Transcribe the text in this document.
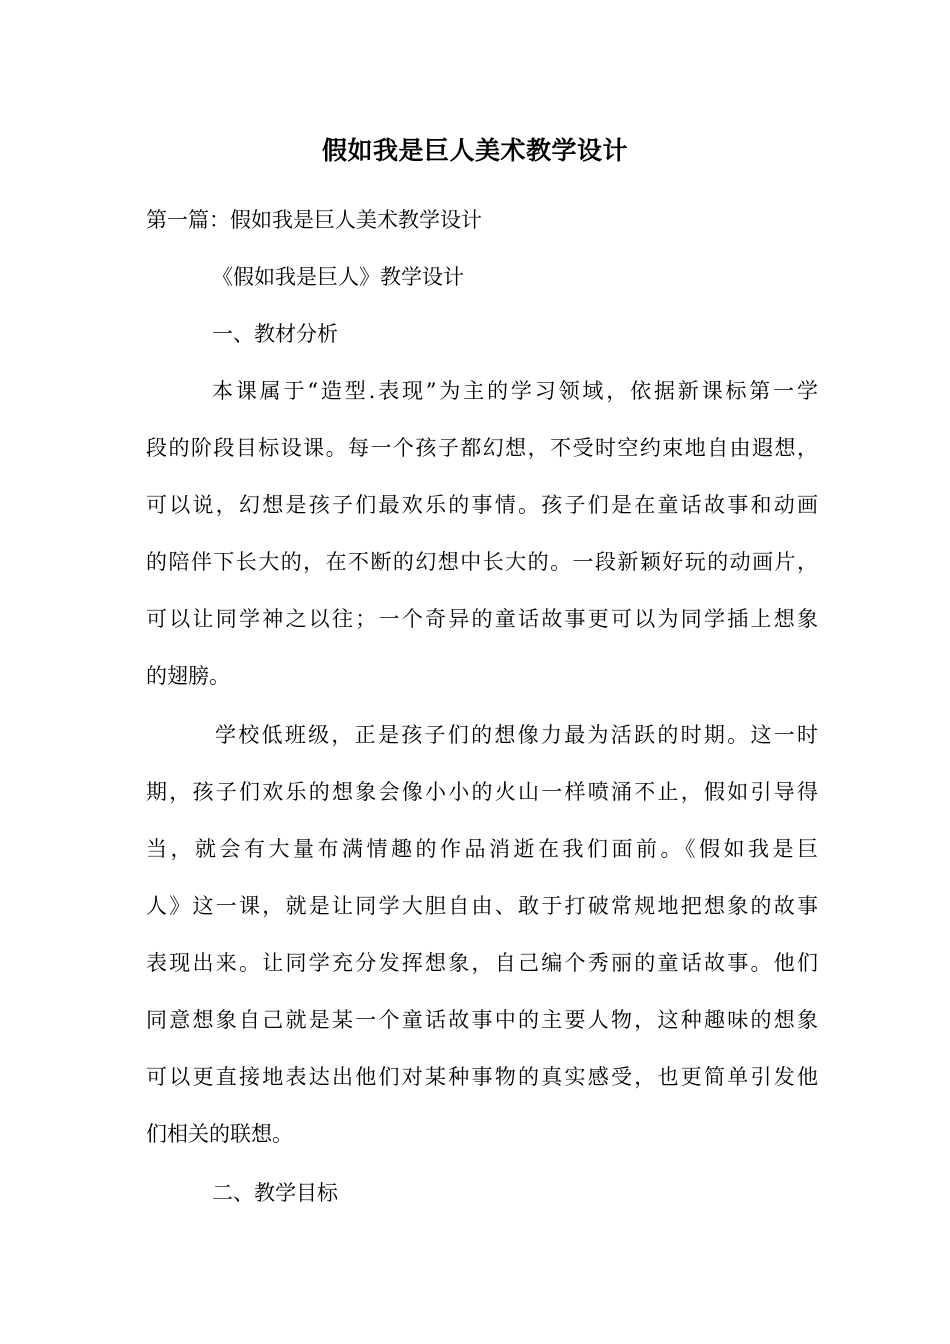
假如我是巨人美术教学设计
第一篇：假如我是巨人美术教学设计
《假如我是巨人》教学设计
一、教材分析
本课属于“造型.表现”为主的学习领域，依据新课标第一学
段的阶段目标设课。每一个孩子都幻想，不受时空约束地自由遐想，
可以说，幻想是孩子们最欢乐的事情。孩子们是在童话故事和动画
的陪伴下长大的，在不断的幻想中长大的。一段新颖好玩的动画片，
可以让同学神之以往；一个奇异的童话故事更可以为同学插上想象
的翅膀。
学校低班级，正是孩子们的想像力最为活跃的时期。这一时
期，孩子们欢乐的想象会像小小的火山一样喷涌不止，假如引导得
当，就会有大量布满情趣的作品消逝在我们面前。《假如我是巨
人》这一课，就是让同学大胆自由、敢于打破常规地把想象的故事
表现出来。让同学充分发挥想象，自己编个秀丽的童话故事。他们
同意想象自己就是某一个童话故事中的主要人物，这种趣味的想象
可以更直接地表达出他们对某种事物的真实感受，也更简单引发他
们相关的联想。
二、教学目标
